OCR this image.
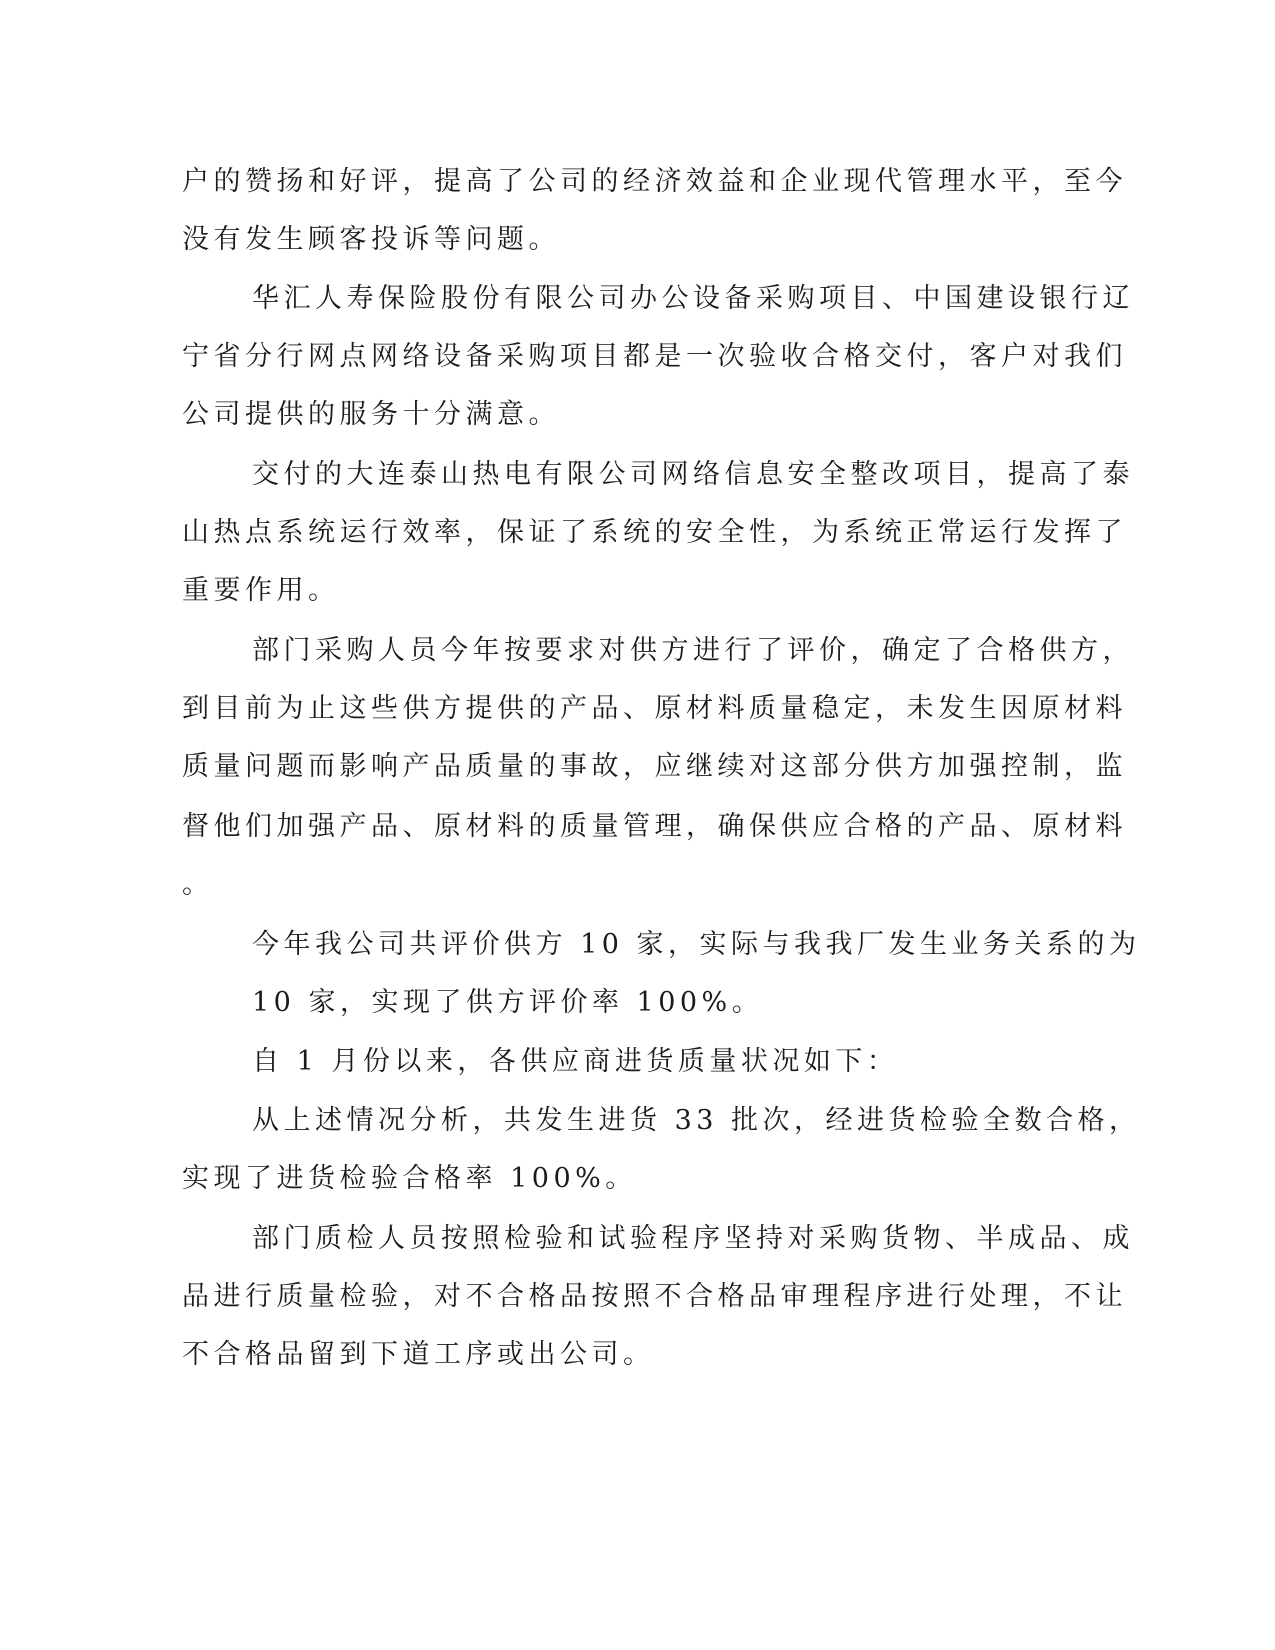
户的赞扬和好评，提高了公司的经济效益和企业现代管理水平，至今
没有发生顾客投诉等问题。
华汇人寿保险股份有限公司办公设备采购项目、中国建设银行辽
宁省分行网点网络设备采购项目都是一次验收合格交付，客户对我们
公司提供的服务十分满意。
交付的大连泰山热电有限公司网络信息安全整改项目，提高了泰
山热点系统运行效率，保证了系统的安全性，为系统正常运行发挥了
重要作用。
部门采购人员今年按要求对供方进行了评价，确定了合格供方，
到目前为止这些供方提供的产品、原材料质量稳定，未发生因原材料
质量问题而影响产品质量的事故，应继续对这部分供方加强控制，监
督他们加强产品、原材料的质量管理，确保供应合格的产品、原材料
。
今年我公司共评价供方 10 家，实际与我我厂发生业务关系的为
10 家，实现了供方评价率 100%。
自 1 月份以来，各供应商进货质量状况如下：
从上述情况分析，共发生进货 33 批次，经进货检验全数合格，
实现了进货检验合格率 100%。
部门质检人员按照检验和试验程序坚持对采购货物、半成品、成
品进行质量检验，对不合格品按照不合格品审理程序进行处理，不让
不合格品留到下道工序或出公司。
